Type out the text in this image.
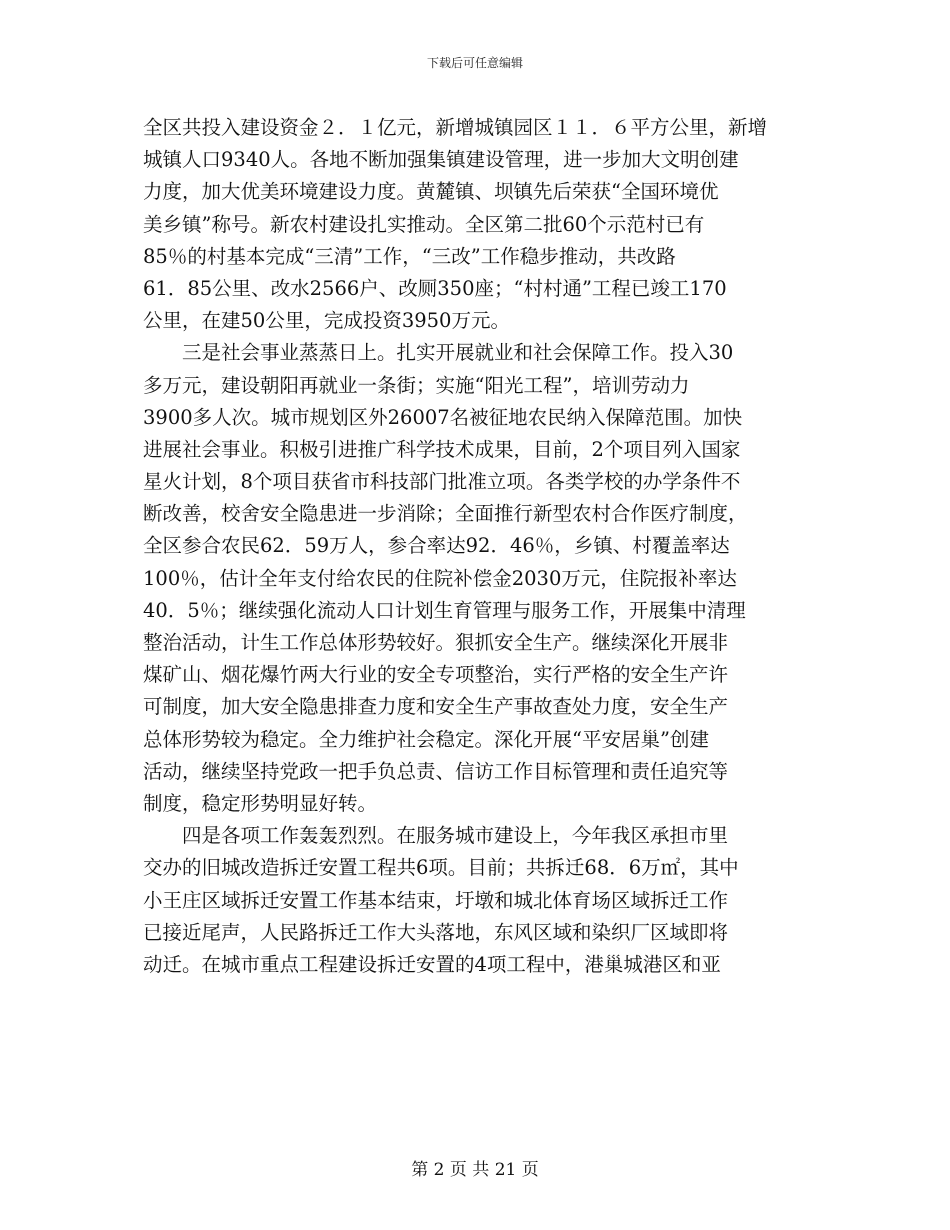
下载后可任意编辑
全区共投入建设资金２．１亿元，新增城镇园区１１．６平方公里，新增
城镇人口9340人。各地不断加强集镇建设管理，进一步加大文明创建
力度，加大优美环境建设力度。黄麓镇、坝镇先后荣获“全国环境优
美乡镇”称号。新农村建设扎实推动。全区第二批60个示范村已有
85％的村基本完成“三清”工作，“三改”工作稳步推动，共改路
61．85公里、改水2566户、改厕350座；“村村通”工程已竣工170
公里，在建50公里，完成投资3950万元。
　　三是社会事业蒸蒸日上。扎实开展就业和社会保障工作。投入30
多万元，建设朝阳再就业一条街；实施“阳光工程”，培训劳动力
3900多人次。城市规划区外26007名被征地农民纳入保障范围。加快
进展社会事业。积极引进推广科学技术成果，目前，2个项目列入国家
星火计划，8个项目获省市科技部门批准立项。各类学校的办学条件不
断改善，校舍安全隐患进一步消除；全面推行新型农村合作医疗制度，
全区参合农民62．59万人，参合率达92．46％，乡镇、村覆盖率达
100％，估计全年支付给农民的住院补偿金2030万元，住院报补率达
40．5％；继续强化流动人口计划生育管理与服务工作，开展集中清理
整治活动，计生工作总体形势较好。狠抓安全生产。继续深化开展非
煤矿山、烟花爆竹两大行业的安全专项整治，实行严格的安全生产许
可制度，加大安全隐患排查力度和安全生产事故查处力度，安全生产
总体形势较为稳定。全力维护社会稳定。深化开展“平安居巢”创建
活动，继续坚持党政一把手负总责、信访工作目标管理和责任追究等
制度，稳定形势明显好转。
　　四是各项工作轰轰烈烈。在服务城市建设上，今年我区承担市里
交办的旧城改造拆迁安置工程共6项。目前；共拆迁68．6万㎡，其中
小王庄区域拆迁安置工作基本结束，圩墩和城北体育场区域拆迁工作
已接近尾声，人民路拆迁工作大头落地，东风区域和染织厂区域即将
动迁。在城市重点工程建设拆迁安置的4项工程中，港巢城港区和亚
第 2 页 共 21 页
